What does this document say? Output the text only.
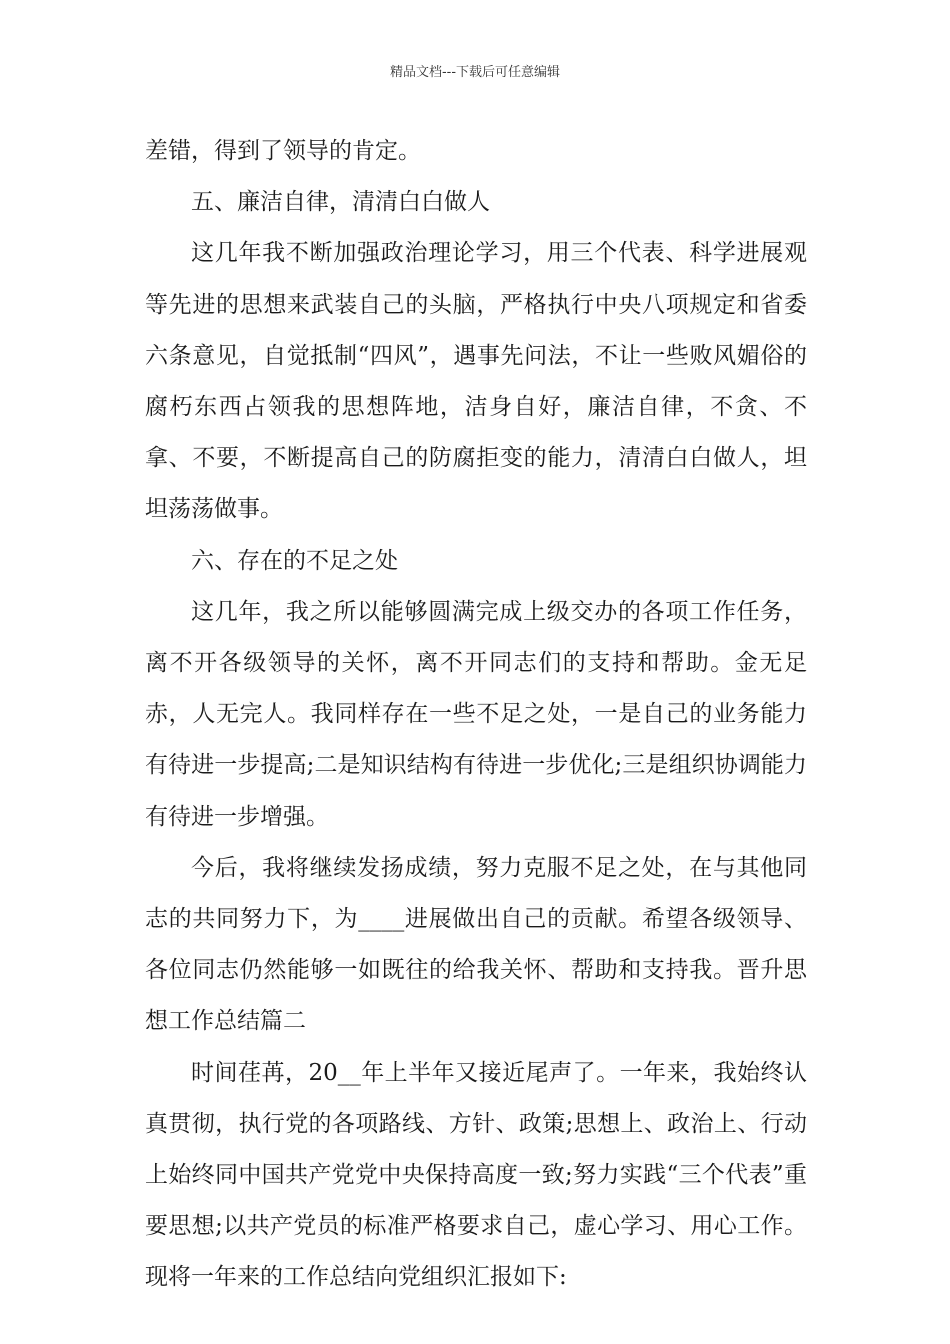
精品文档---下载后可任意编辑

差错，得到了领导的肯定。

五、廉洁自律，清清白白做人

这几年我不断加强政治理论学习，用三个代表、科学进展观等先进的思想来武装自己的头脑，严格执行中央八项规定和省委六条意见，自觉抵制“四风”，遇事先问法，不让一些败风媚俗的腐朽东西占领我的思想阵地，洁身自好，廉洁自律，不贪、不拿、不要，不断提高自己的防腐拒变的能力，清清白白做人，坦坦荡荡做事。

六、存在的不足之处

这几年，我之所以能够圆满完成上级交办的各项工作任务，离不开各级领导的关怀，离不开同志们的支持和帮助。金无足赤，人无完人。我同样存在一些不足之处，一是自己的业务能力有待进一步提高;二是知识结构有待进一步优化;三是组织协调能力有待进一步增强。

今后，我将继续发扬成绩，努力克服不足之处，在与其他同志的共同努力下，为____进展做出自己的贡献。希望各级领导、各位同志仍然能够一如既往的给我关怀、帮助和支持我。晋升思想工作总结篇二

时间荏苒，20__年上半年又接近尾声了。一年来，我始终认真贯彻，执行党的各项路线、方针、政策;思想上、政治上、行动上始终同中国共产党党中央保持高度一致;努力实践“三个代表”重要思想;以共产党员的标准严格要求自己，虚心学习、用心工作。现将一年来的工作总结向党组织汇报如下:
